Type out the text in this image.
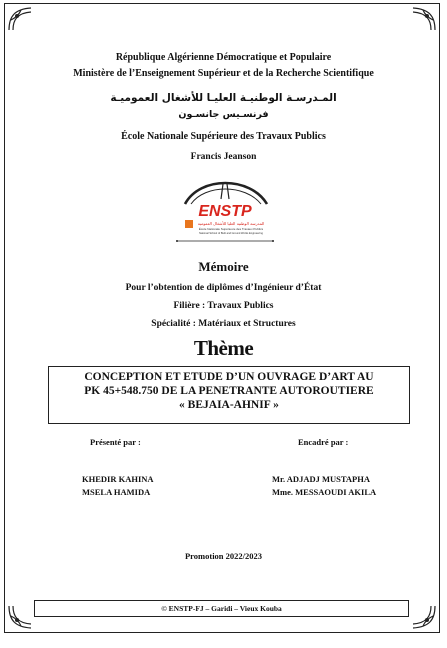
République Algérienne Démocratique et Populaire
Ministère de l’Enseignement Supérieur et de la Recherche Scientifique
المـدرسـة الوطنيـة العليـا للأشغال العموميـة
فرنسـيس جانسـون
École Nationale Supérieure des Travaux Publics
Francis Jeanson
ENSTP
المدرسة الوطنية العليا للأشغال العمومية
École Nationale Supérieure des Travaux Publics
National School of Built and Ground Works Engineering
Mémoire
Pour l’obtention de diplômes d’Ingénieur d’État
Filière : Travaux Publics
Spécialité : Matériaux et Structures
Thème
CONCEPTION ET ETUDE D’UN OUVRAGE D’ART AU
PK 45+548.750 DE LA PENETRANTE AUTOROUTIERE
« BEJAIA-AHNIF »
Présenté par :	Encadré par :
KHEDIR KAHINA
MSELA HAMIDA
Mr. ADJADJ MUSTAPHA
Mme. MESSAOUDI AKILA
Promotion 2022/2023
© ENSTP-FJ – Garidi – Vieux Kouba
